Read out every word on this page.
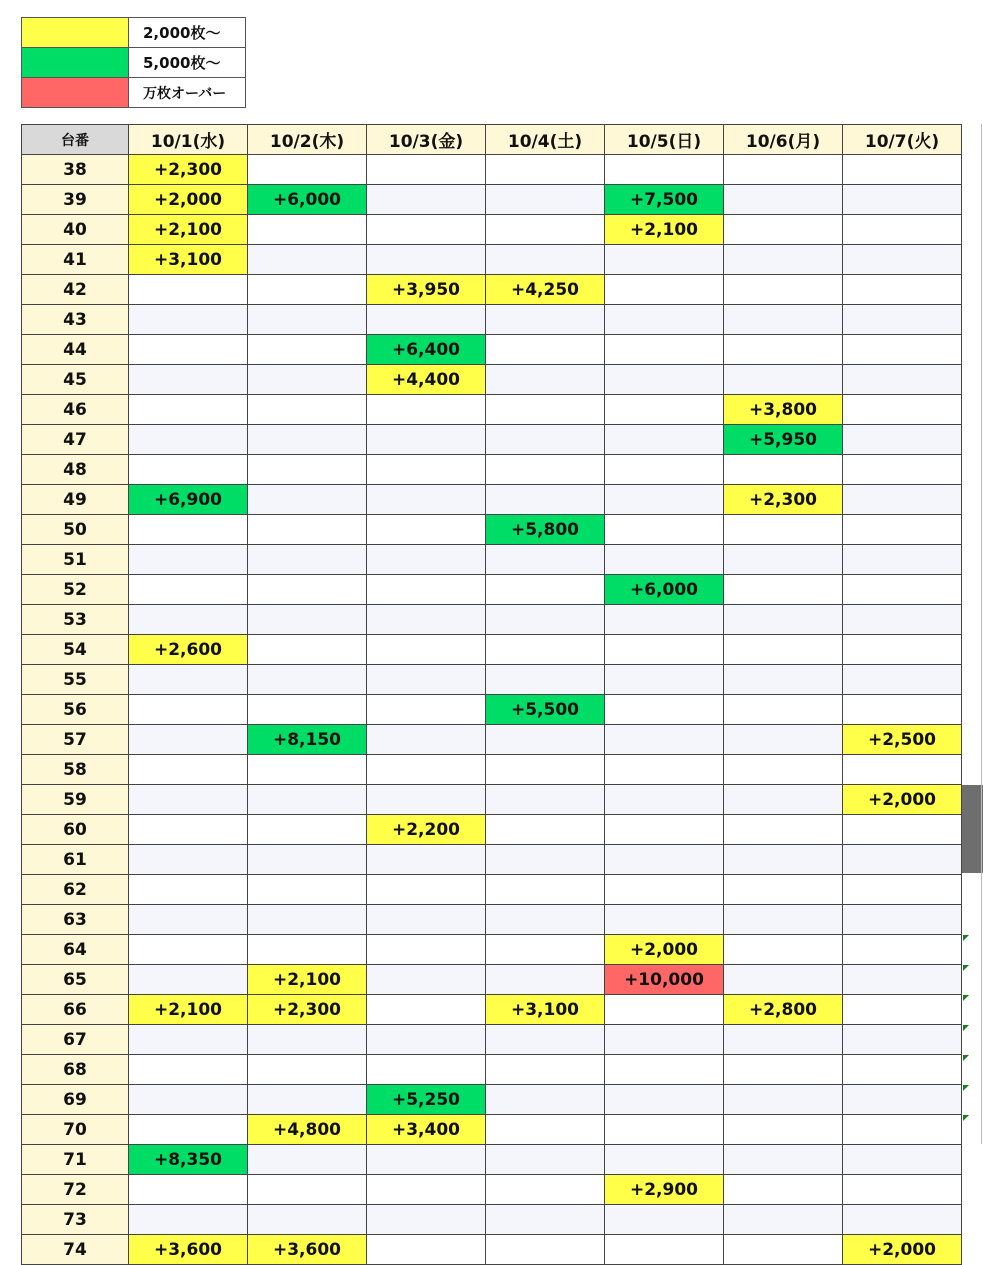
	2,000枚～
	5,000枚～
	万枚オーバー
台番	10/1(水)	10/2(木)	10/3(金)	10/4(土)	10/5(日)	10/6(月)	10/7(火)
38	+2,300						
39	+2,000	+6,000			+7,500		
40	+2,100				+2,100		
41	+3,100						
42			+3,950	+4,250			
43							
44			+6,400				
45			+4,400				
46						+3,800	
47						+5,950	
48							
49	+6,900					+2,300	
50				+5,800			
51							
52					+6,000		
53							
54	+2,600						
55							
56				+5,500			
57		+8,150					+2,500
58							
59							+2,000
60			+2,200				
61							
62							
63							
64					+2,000		
65		+2,100			+10,000		
66	+2,100	+2,300		+3,100		+2,800	
67							
68							
69			+5,250				
70		+4,800	+3,400				
71	+8,350						
72					+2,900		
73							
74	+3,600	+3,600					+2,000
